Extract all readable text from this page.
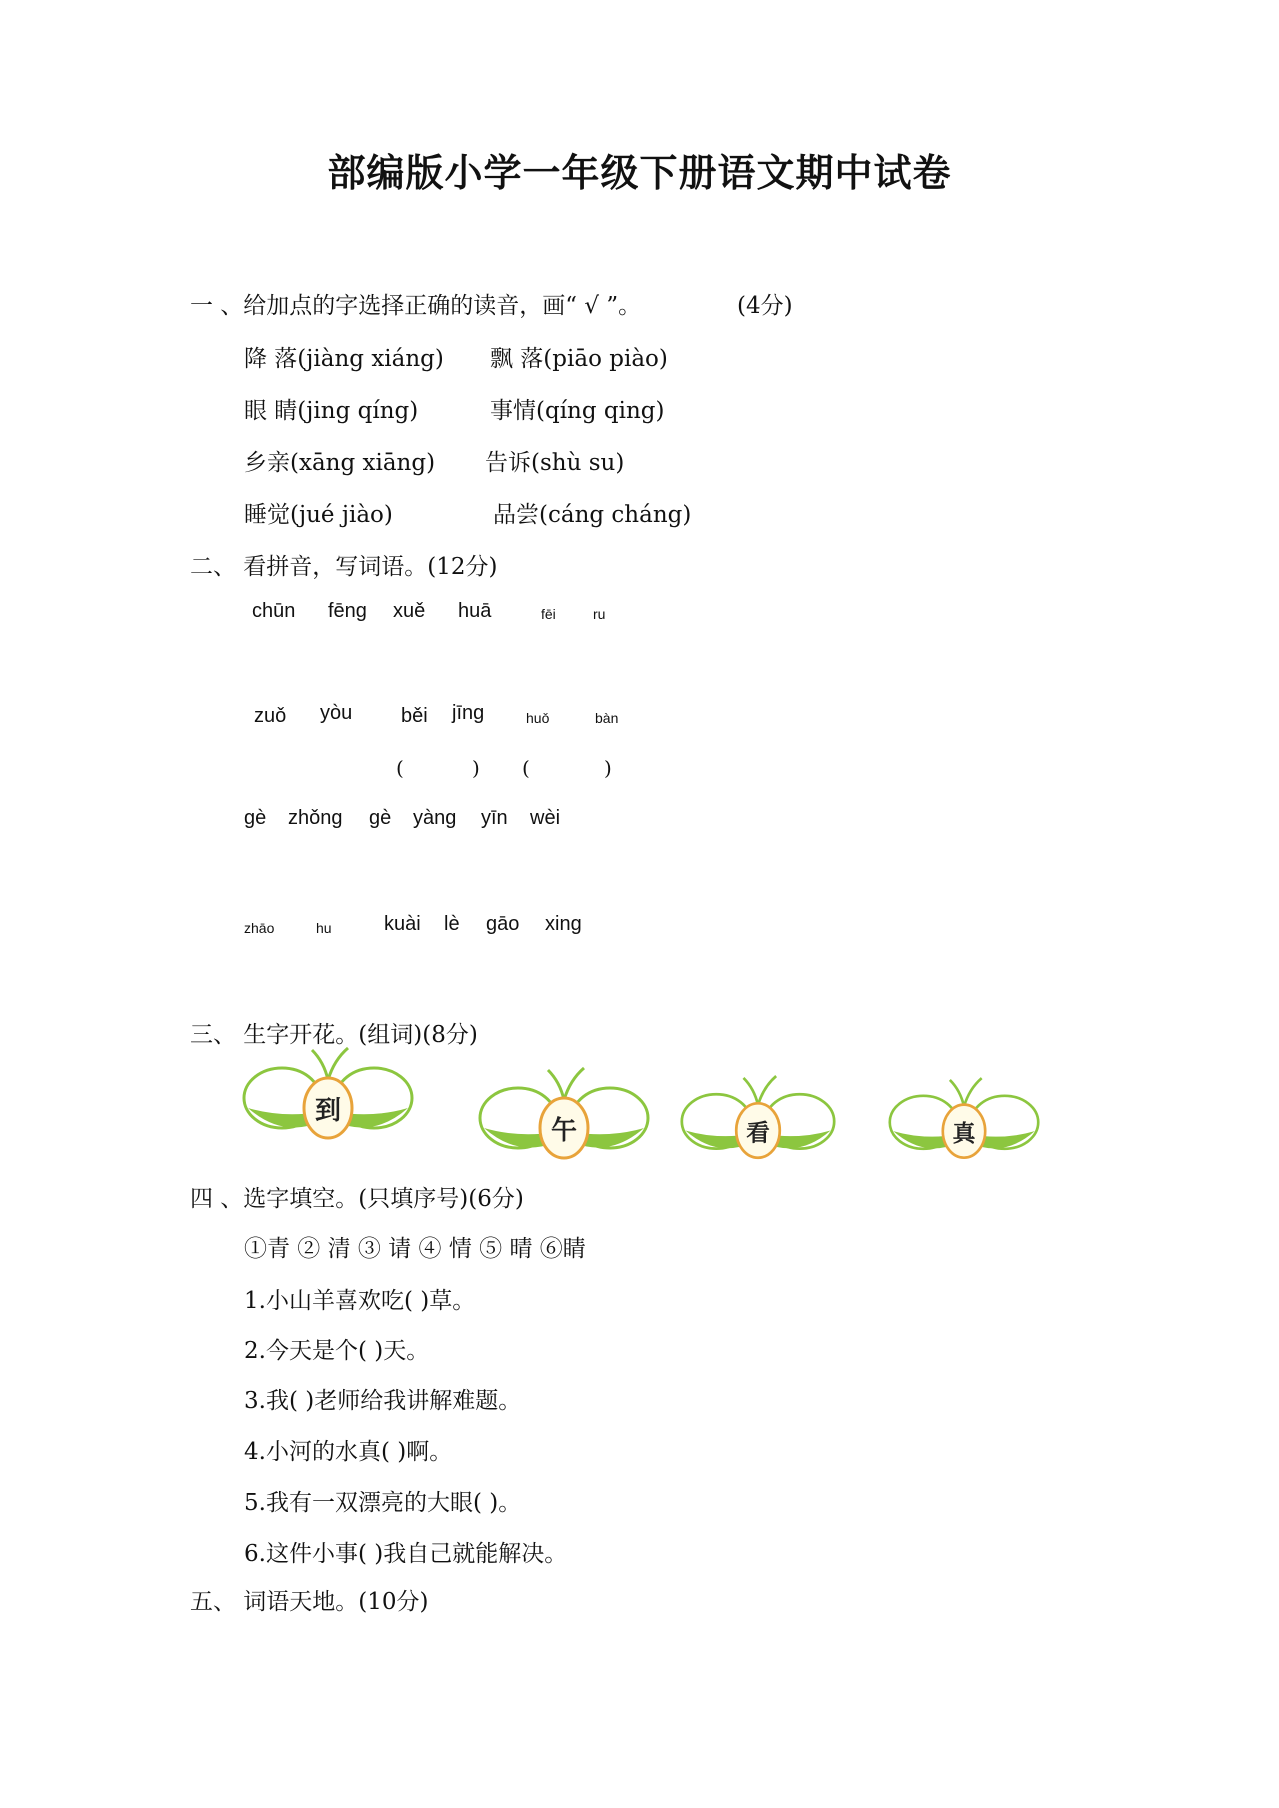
部编版小学一年级下册语文期中试卷
一 、给加点的字选择正确的读音，画“ √ ”。	(4分)
降 落(jiàng xiáng) 飘 落(piāo piào)
眼 睛(jing qíng)	事情(qíng qing)
乡亲(xāng xiāng) 告诉(shù su)
睡觉(jué jiào)	品尝(cáng cháng)
二、 看拼音，写词语。(12分)
chūn fēng xuě huā	fēi	ru
zuǒ yòu běi jīng	huǒ	bàn
(	) (	)
gè zhǒng gè yàng yīn wèi
zhāo	hu	kuài lè gāo xing
三、 生字开花。(组词)(8分)
到
午	看	真
四 、选字填空。(只填序号)(6分)
①青 ② 清 ③ 请 ④ 情 ⑤ 晴 ⑥睛
1.小山羊喜欢吃( )草。
2.今天是个( )天。
3.我( )老师给我讲解难题。
4.小河的水真( )啊。
5.我有一双漂亮的大眼( )。
6.这件小事( )我自己就能解决。
五、 词语天地。(10分)
